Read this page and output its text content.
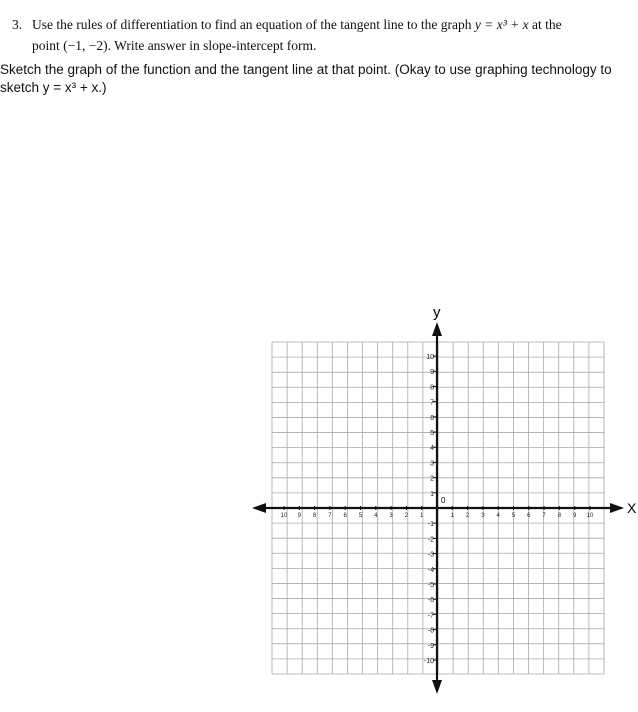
3. Use the rules of differentiation to find an equation of the tangent line to the graph y = x³ + x at the
point (−1, −2). Write answer in slope-intercept form.
Sketch the graph of the function and the tangent line at that point. (Okay to use graphing technology to sketch y = x³ + x.)
10
9
8
7
6
5
4
3
2
1
-1
-2
-3
-4
-5
-6
-7
-8
-9
-10
10 9 8 7 6 5 4 3 2 1	1 2 3 4 5 6 7 8 9 10 X
y
0
